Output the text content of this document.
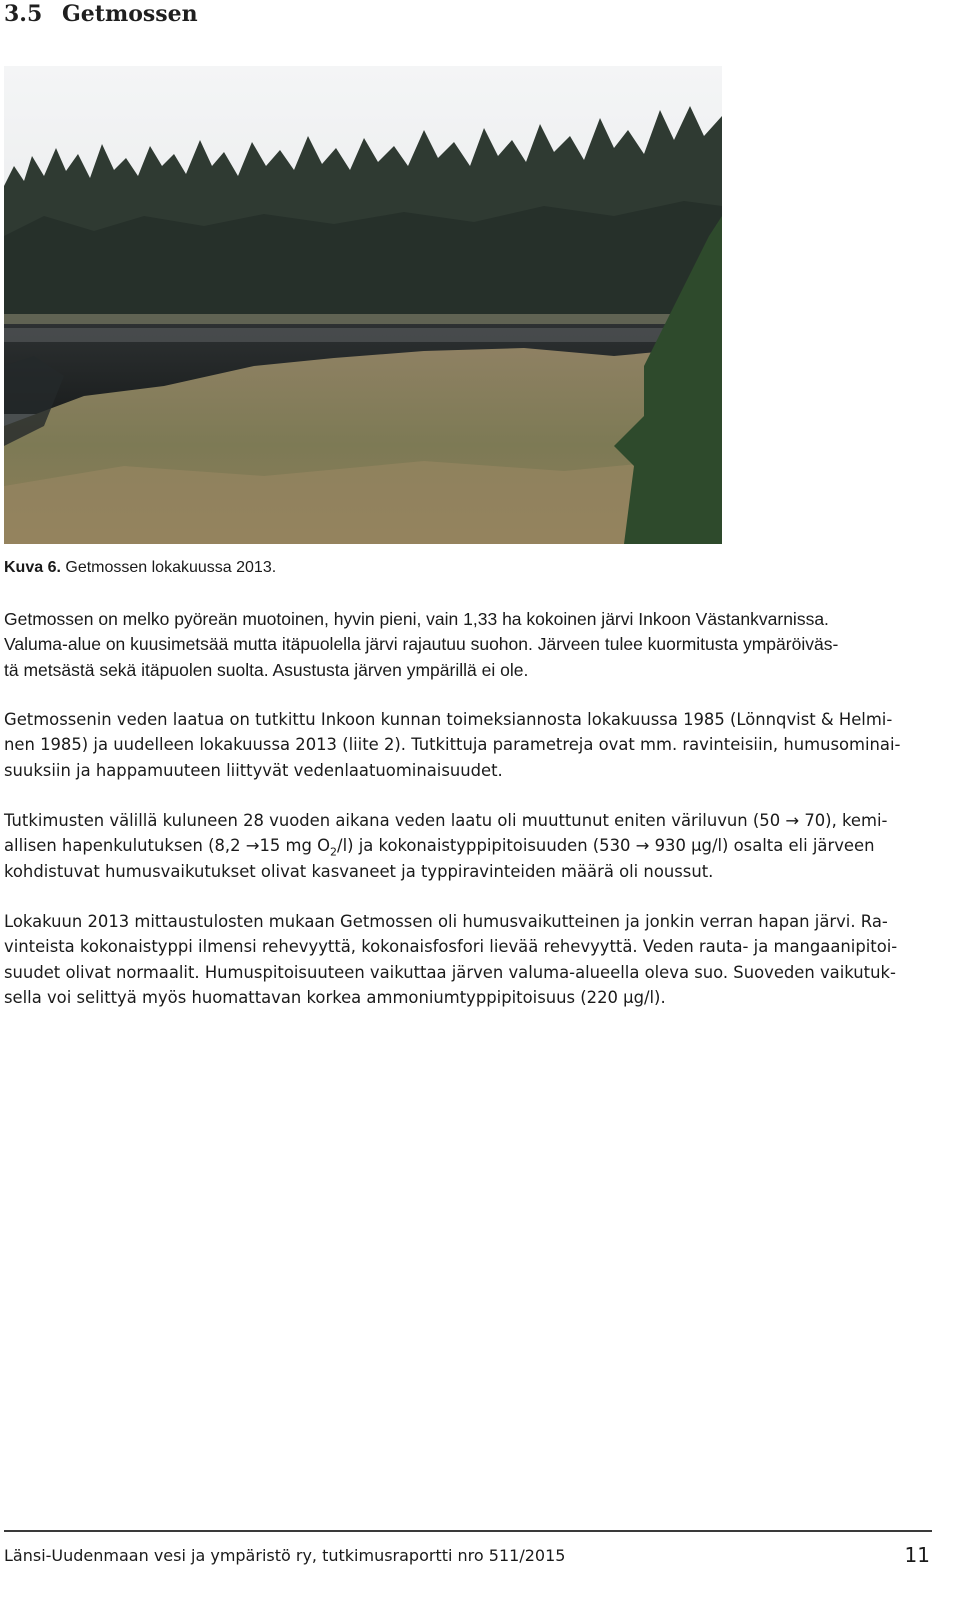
3.5 Getmossen
Kuva 6. Getmossen lokakuussa 2013.
Getmossen on melko pyöreän muotoinen, hyvin pieni, vain 1,33 ha kokoinen järvi Inkoon Västankvarnissa.
Valuma-alue on kuusimetsää mutta itäpuolella järvi rajautuu suohon. Järveen tulee kuormitusta ympäröiväs-
tä metsästä sekä itäpuolen suolta. Asustusta järven ympärillä ei ole.
Getmossenin veden laatua on tutkittu Inkoon kunnan toimeksiannosta lokakuussa 1985 (Lönnqvist & Helmi-
nen 1985) ja uudelleen lokakuussa 2013 (liite 2). Tutkittuja parametreja ovat mm. ravinteisiin, humusominai-
suuksiin ja happamuuteen liittyvät vedenlaatuominaisuudet.
Tutkimusten välillä kuluneen 28 vuoden aikana veden laatu oli muuttunut eniten väriluvun (50 → 70), kemi-
allisen hapenkulutuksen (8,2 →15 mg $O_2/l$) ja kokonaistyppipitoisuuden (530 → 930 µg/l) osalta eli järveen
kohdistuvat humusvaikutukset olivat kasvaneet ja typpiravinteiden määrä oli noussut.
Lokakuun 2013 mittaustulosten mukaan Getmossen oli humusvaikutteinen ja jonkin verran hapan järvi. Ra-
vinteista kokonaistyppi ilmensi rehevyyttä, kokonaisfosfori lievää rehevyyttä. Veden rauta- ja mangaanipitoi-
suudet olivat normaalit. Humuspitoisuuteen vaikuttaa järven valuma-alueella oleva suo. Suoveden vaikutuk-
sella voi selittyä myös huomattavan korkea ammoniumtyppipitoisuus (220 µg/l).
Länsi-Uudenmaan vesi ja ympäristö ry, tutkimusraportti nro 511/2015	11
